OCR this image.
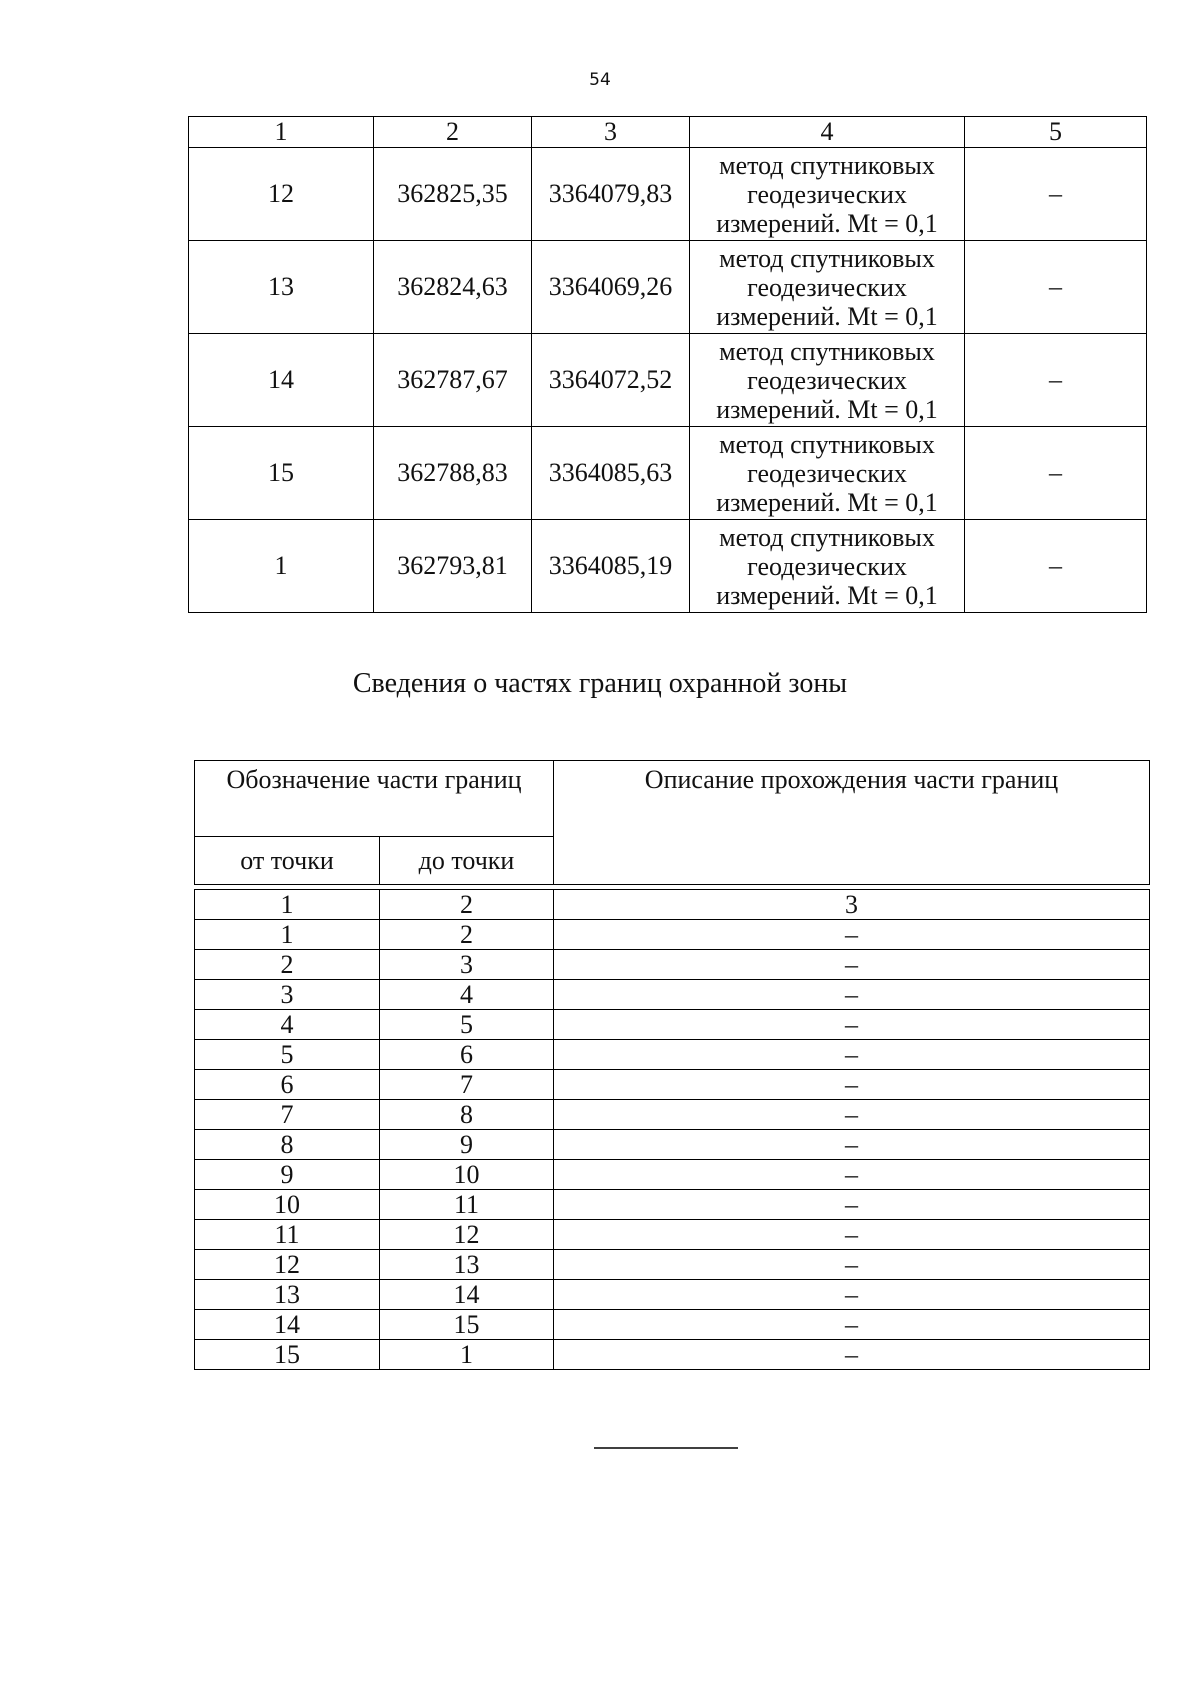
54
1	2	3	4	5
12	362825,35	3364079,83	метод спутниковых
геодезических
измерений. Mt = 0,1	–
13	362824,63	3364069,26	метод спутниковых
геодезических
измерений. Mt = 0,1	–
14	362787,67	3364072,52	метод спутниковых
геодезических
измерений. Mt = 0,1	–
15	362788,83	3364085,63	метод спутниковых
геодезических
измерений. Mt = 0,1	–
1	362793,81	3364085,19	метод спутниковых
геодезических
измерений. Mt = 0,1	–
Сведения о частях границ охранной зоны
Обозначение части границ		Описание прохождения части границ
от точки	до точки	

1	2	3
1	2	–
2	3	–
3	4	–
4	5	–
5	6	–
6	7	–
7	8	–
8	9	–
9	10	–
10	11	–
11	12	–
12	13	–
13	14	–
14	15	–
15	1	–
